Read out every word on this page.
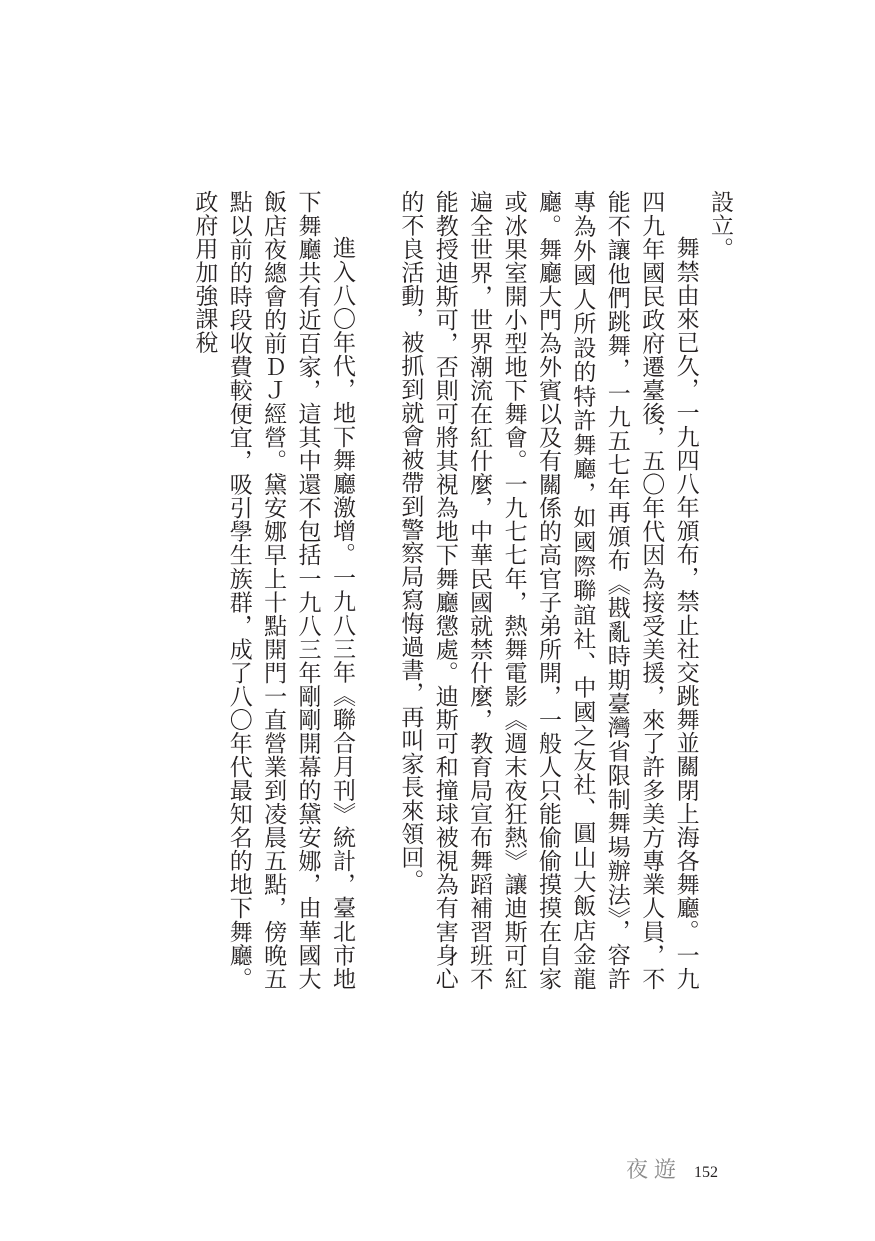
設立。

舞禁由來已久，一九四八年頒布，禁止社交跳舞並關閉上海各舞廳。一九四九年國民政府遷臺後，五〇年代因為接受美援，來了許多美方專業人員，不能不讓他們跳舞，一九五七年再頒布《戡亂時期臺灣省限制舞場辦法》，容許專為外國人所設的特許舞廳，如國際聯誼社、中國之友社、圓山大飯店金龍廳。舞廳大門為外賓以及有關係的高官子弟所開，一般人只能偷偷摸摸在自家或冰果室開小型地下舞會。一九七七年，熱舞電影《週末夜狂熱》讓迪斯可紅遍全世界，世界潮流在紅什麼，中華民國就禁什麼，教育局宣布舞蹈補習班不能教授迪斯可，否則可將其視為地下舞廳懲處。迪斯可和撞球被視為有害身心的不良活動，被抓到就會被帶到警察局寫悔過書，再叫家長來領回。

進入八〇年代，地下舞廳激增。一九八三年《聯合月刊》統計，臺北市地下舞廳共有近百家，這其中還不包括一九八三年剛剛開幕的黛安娜，由華國大飯店夜總會的前ＤＪ經營。黛安娜早上十點開門一直營業到凌晨五點，傍晚五點以前的時段收費較便宜，吸引學生族群，成了八〇年代最知名的地下舞廳。政府用加強課稅

夜遊 152
